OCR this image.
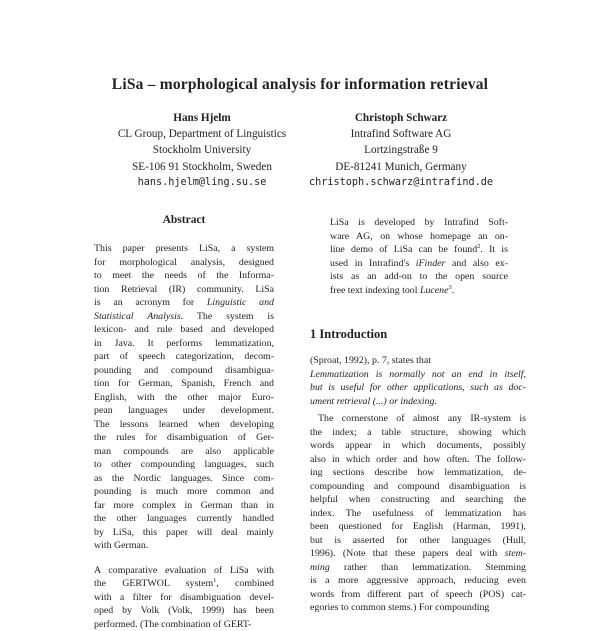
LiSa – morphological analysis for information retrieval
Hans Hjelm
CL Group, Department of Linguistics
Stockholm University
SE-106 91 Stockholm, Sweden
hans.hjelm@ling.su.se
Christoph Schwarz
Intrafind Software AG
Lortzingstraße 9
DE-81241 Munich, Germany
christoph.schwarz@intrafind.de
Abstract

This paper presents LiSa, a system
for morphological analysis, designed
to meet the needs of the Informa-
tion Retrieval (IR) community. LiSa
is an acronym for Linguistic and
Statistical Analysis. The system is
lexicon- and rule based and developed
in Java. It performs lemmatization,
part of speech categorization, decom-
pounding and compound disambigua-
tion for German, Spanish, French and
English, with the other major Euro-
pean languages under development.
The lessons learned when developing
the rules for disambiguation of Ger-
man compounds are also applicable
to other compounding languages, such
as the Nordic languages. Since com-
pounding is much more common and
far more complex in German than in
the other languages currently handled
by LiSa, this paper will deal mainly
with German.

A comparative evaluation of LiSa with
the GERTWOL system$^1$, combined
with a filter for disambiguation devel-
oped by Volk (Volk, 1999) has been
performed. (The combination of GERT-

LiSa is developed by Intrafind Soft-
ware AG, on whose homepage an on-
line demo of LiSa can be found$^2$. It is
used in Intrafind's iFinder and also ex-
ists as an add-on to the open source
free text indexing tool Lucene$^3$.

1 Introduction

(Sproat, 1992), p. 7, states that

Lemmatization is normally not an end in itself,
but is useful for other applications, such as doc-
ument retrieval (...) or indexing.

The cornerstone of almost any IR-system is
the index; a table structure, showing which
words appear in which documents, possibly
also in which order and how often. The follow-
ing sections describe how lemmatization, de-
compounding and compound disambiguation is
helpful when constructing and searching the
index. The usefulness of lemmatization has
been questioned for English (Harman, 1991),
but is asserted for other languages (Hull,
1996). (Note that these papers deal with stem-
ming rather than lemmatization. Stemming
is a more aggressive approach, reducing even
words from different part of speech (POS) cat-
egories to common stems.) For compounding
